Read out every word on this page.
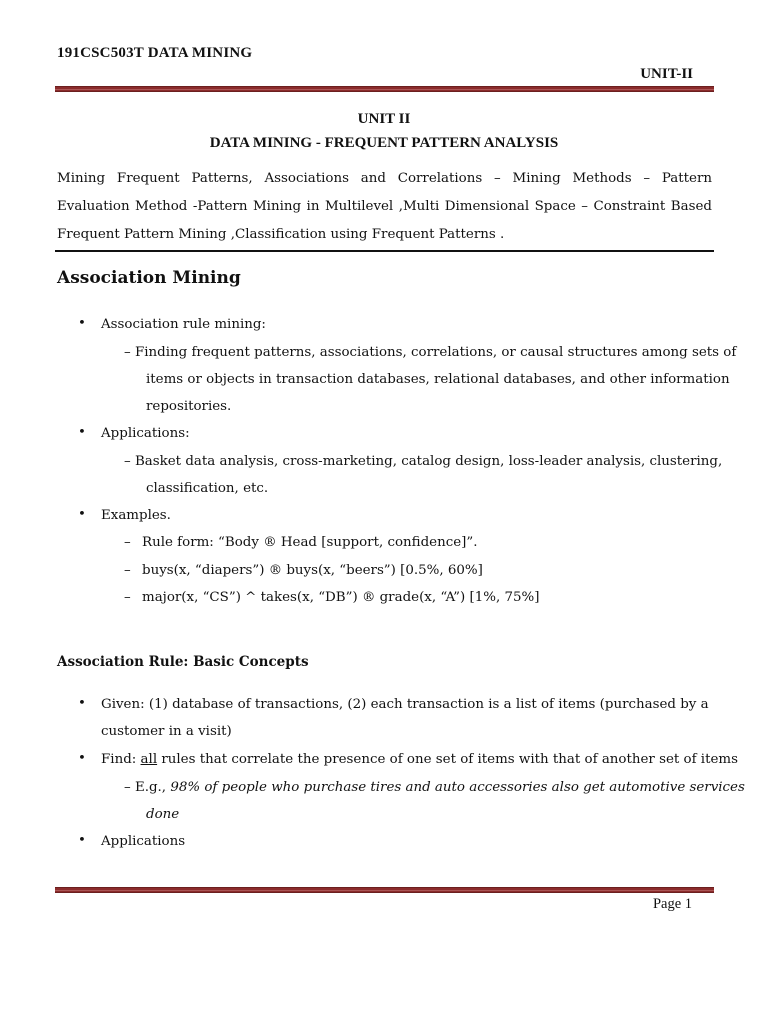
191CSC503T DATA MINING
UNIT-II
UNIT II
DATA MINING - FREQUENT PATTERN ANALYSIS
Mining Frequent Patterns, Associations and Correlations – Mining Methods – Pattern Evaluation Method -Pattern Mining in Multilevel ,Multi Dimensional Space – Constraint Based Frequent Pattern Mining ,Classification using Frequent Patterns .
Association Mining
• Association rule mining:
– Finding frequent patterns, associations, correlations, or causal structures among sets of
items or objects in transaction databases, relational databases, and other information
repositories.
• Applications:
– Basket data analysis, cross-marketing, catalog design, loss-leader analysis, clustering,
classification, etc.
• Examples.
– Rule form: “Body ® Head [support, confidence]”.
– buys(x, “diapers”) ® buys(x, “beers”) [0.5%, 60%]
– major(x, “CS”) ^ takes(x, “DB”) ® grade(x, “A”) [1%, 75%]
Association Rule: Basic Concepts
• Given: (1) database of transactions, (2) each transaction is a list of items (purchased by a
customer in a visit)
• Find: all rules that correlate the presence of one set of items with that of another set of items
– E.g., 98% of people who purchase tires and auto accessories also get automotive services
done
• Applications
Page 1
